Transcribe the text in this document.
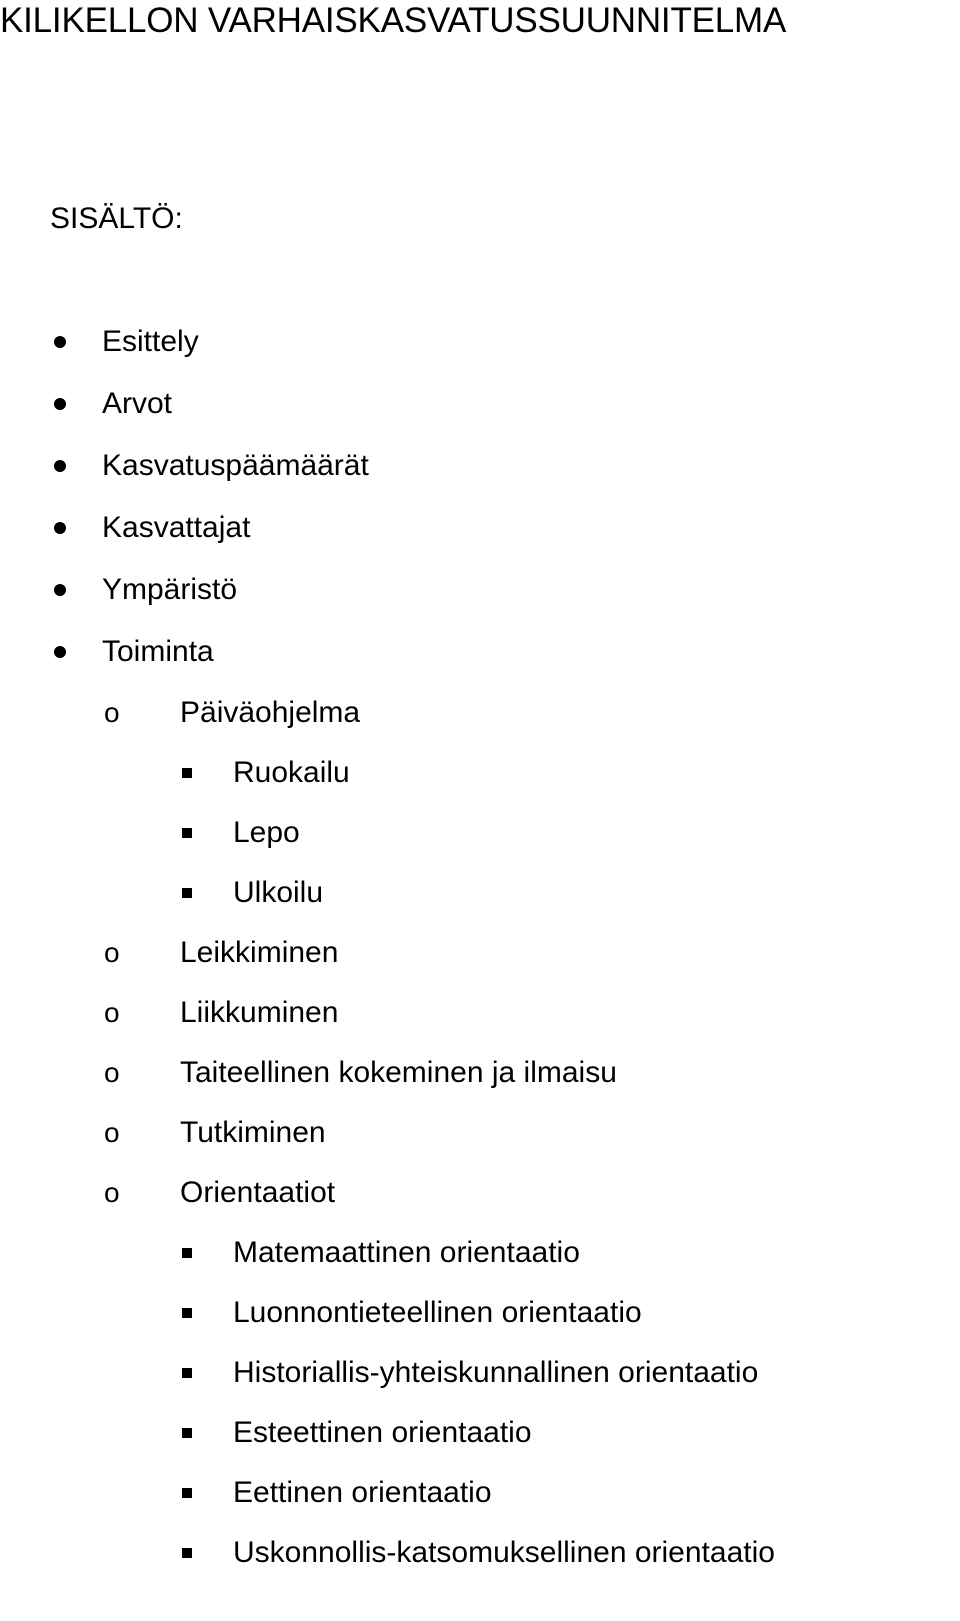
KILIKELLON VARHAISKASVATUSSUUNNITELMA
SISÄLTÖ:
Esittely
Arvot
Kasvatuspäämäärät
Kasvattajat
Ympäristö
Toiminta
o Päiväohjelma
Ruokailu
Lepo
Ulkoilu
o Leikkiminen
o Liikkuminen
o Taiteellinen kokeminen ja ilmaisu
o Tutkiminen
o Orientaatiot
Matemaattinen orientaatio
Luonnontieteellinen orientaatio
Historiallis-yhteiskunnallinen orientaatio
Esteettinen orientaatio
Eettinen orientaatio
Uskonnollis-katsomuksellinen orientaatio
